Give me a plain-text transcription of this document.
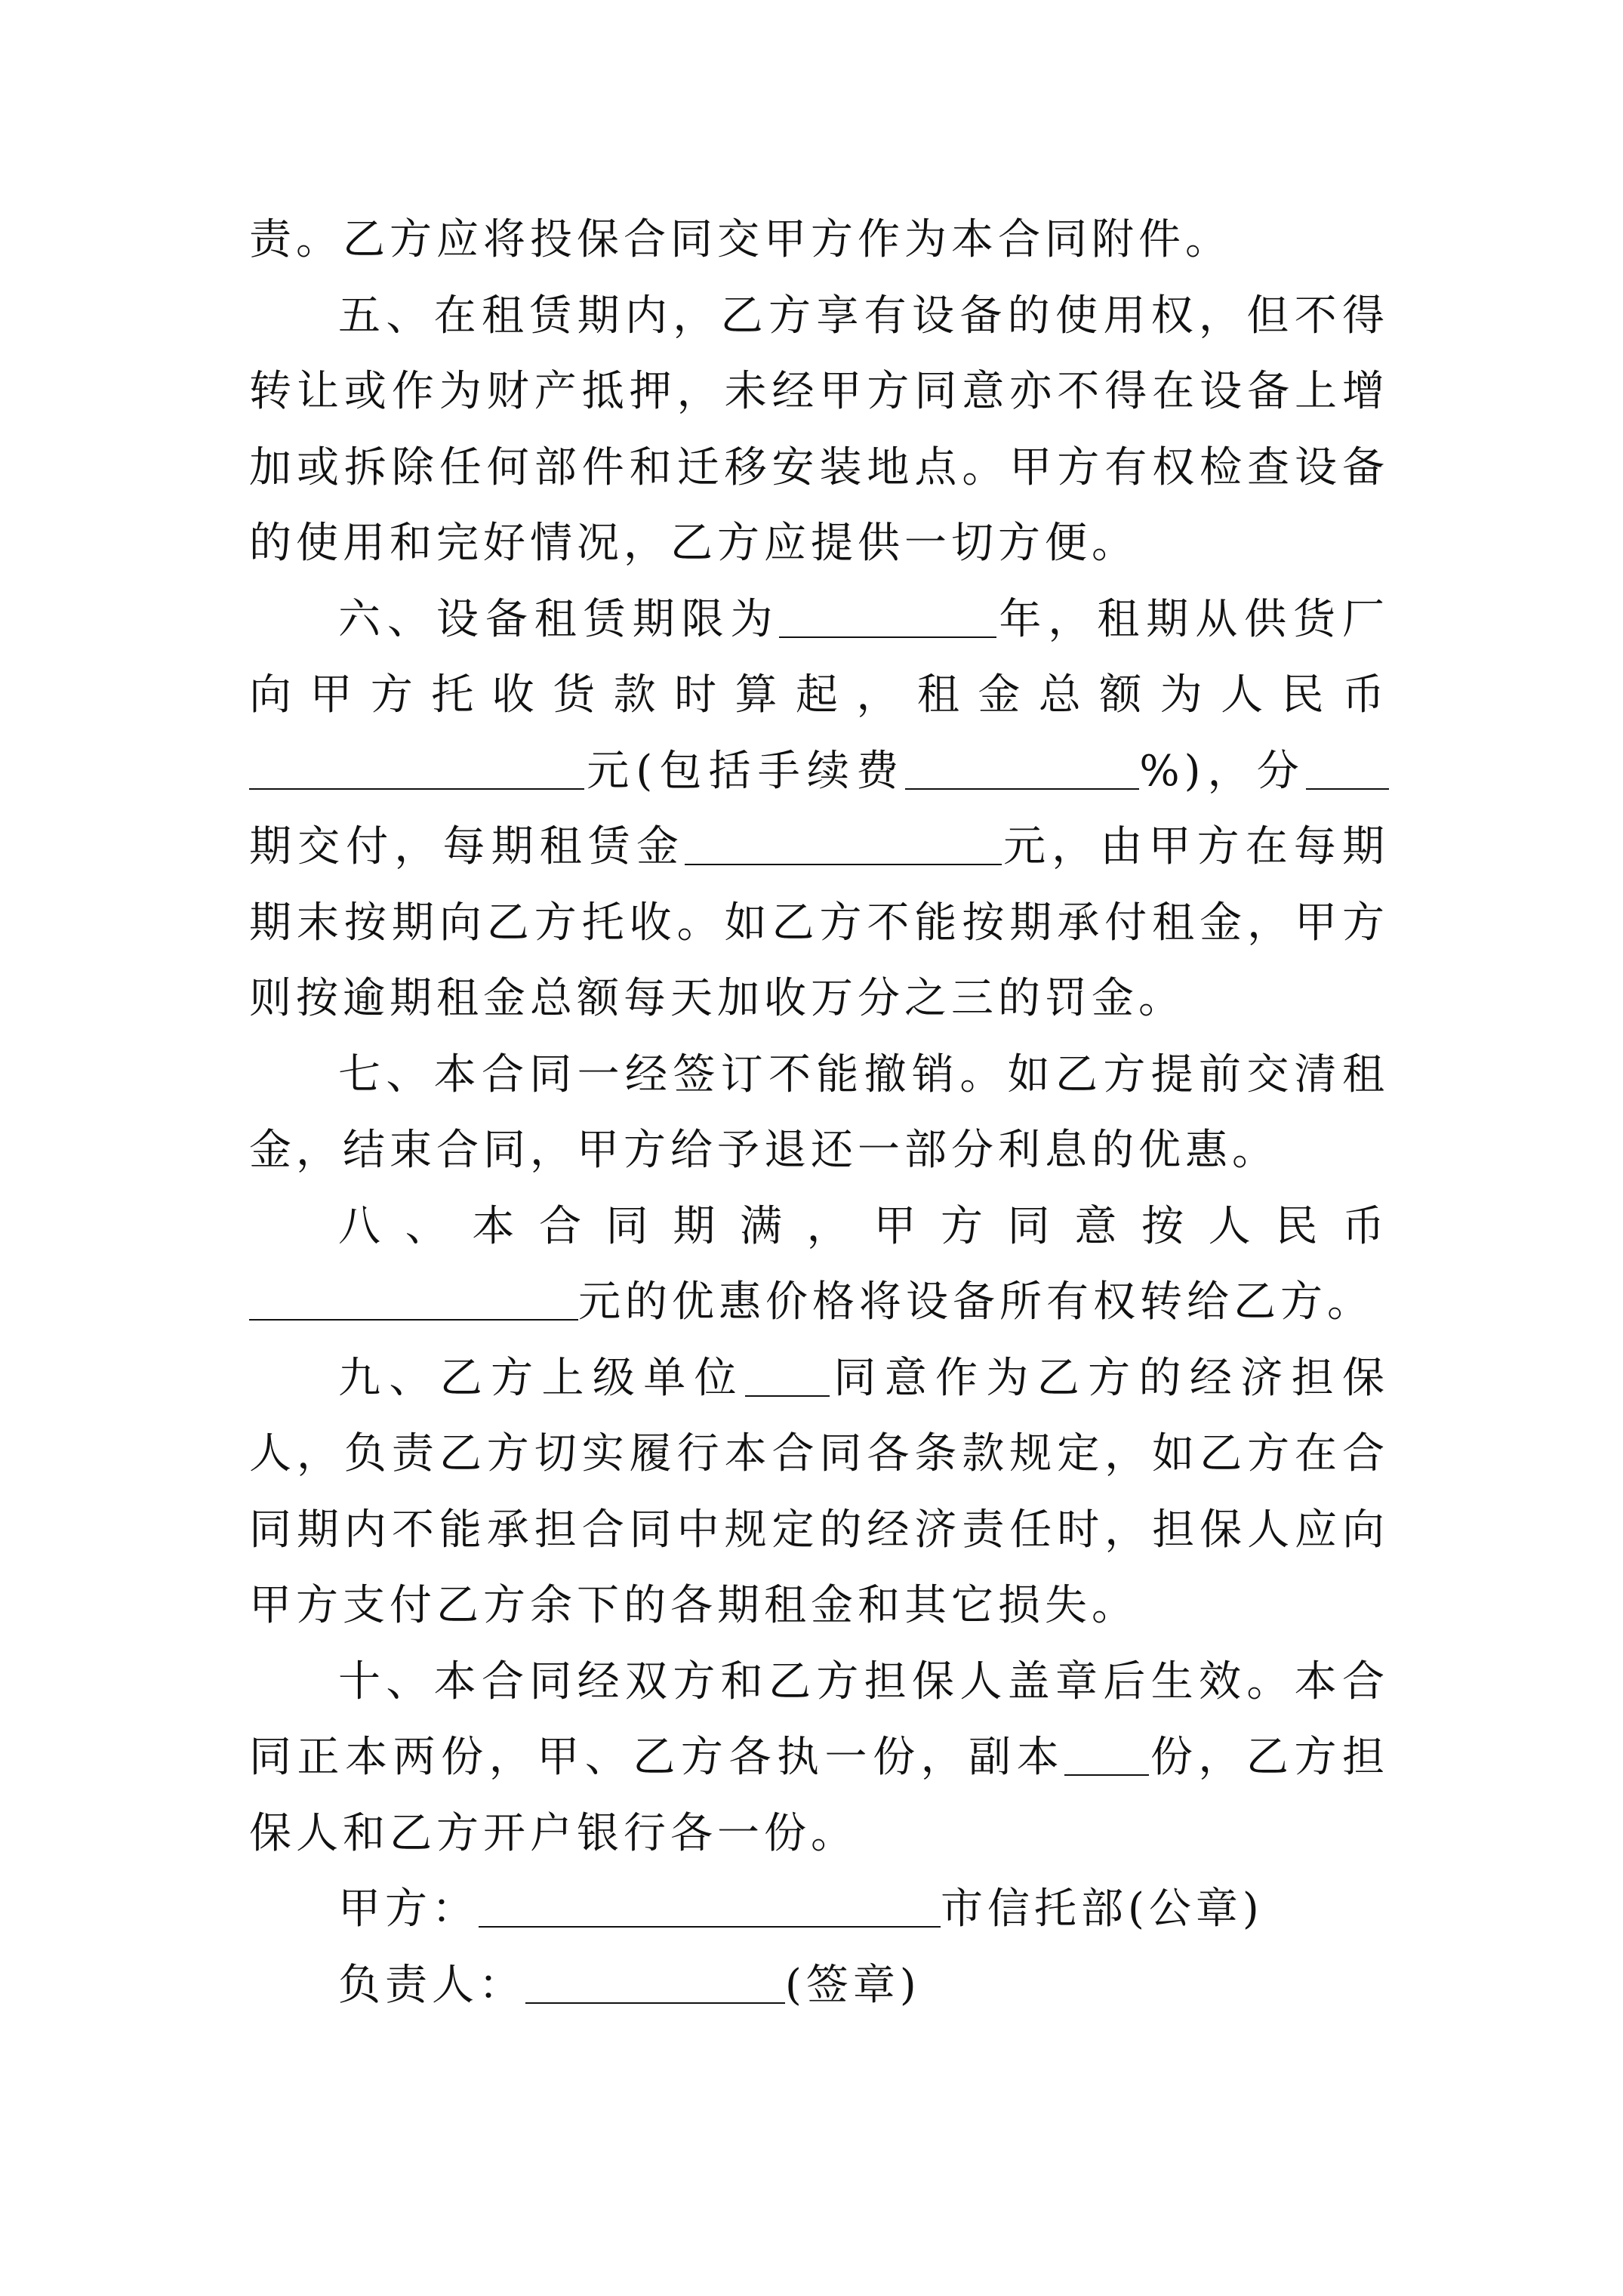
责。乙方应将投保合同交甲方作为本合同附件。

五、在租赁期内，乙方享有设备的使用权，但不得转让或作为财产抵押，未经甲方同意亦不得在设备上增加或拆除任何部件和迁移安装地点。甲方有权检查设备的使用和完好情况，乙方应提供一切方便。

六、设备租赁期限为	年，租期从供货厂向甲方托收货款时算起，租金总额为人民币元(包括手续费	%)，分期交付，每期租赁金	元，由甲方在每期期末按期向乙方托收。如乙方不能按期承付租金，甲方则按逾期租金总额每天加收万分之三的罚金。

七、本合同一经签订不能撤销。如乙方提前交清租金，结束合同，甲方给予退还一部分利息的优惠。

八、本合同期满，甲方同意按人民币元的优惠价格将设备所有权转给乙方。

九、乙方上级单位 同意作为乙方的经济担保人，负责乙方切实履行本合同各条款规定，如乙方在合同期内不能承担合同中规定的经济责任时，担保人应向甲方支付乙方余下的各期租金和其它损失。

十、本合同经双方和乙方担保人盖章后生效。本合同正本两份，甲、乙方各执一份，副本 份，乙方担保人和乙方开户银行各一份。

甲方：	市信托部(公章)

负责人：	(签章)
